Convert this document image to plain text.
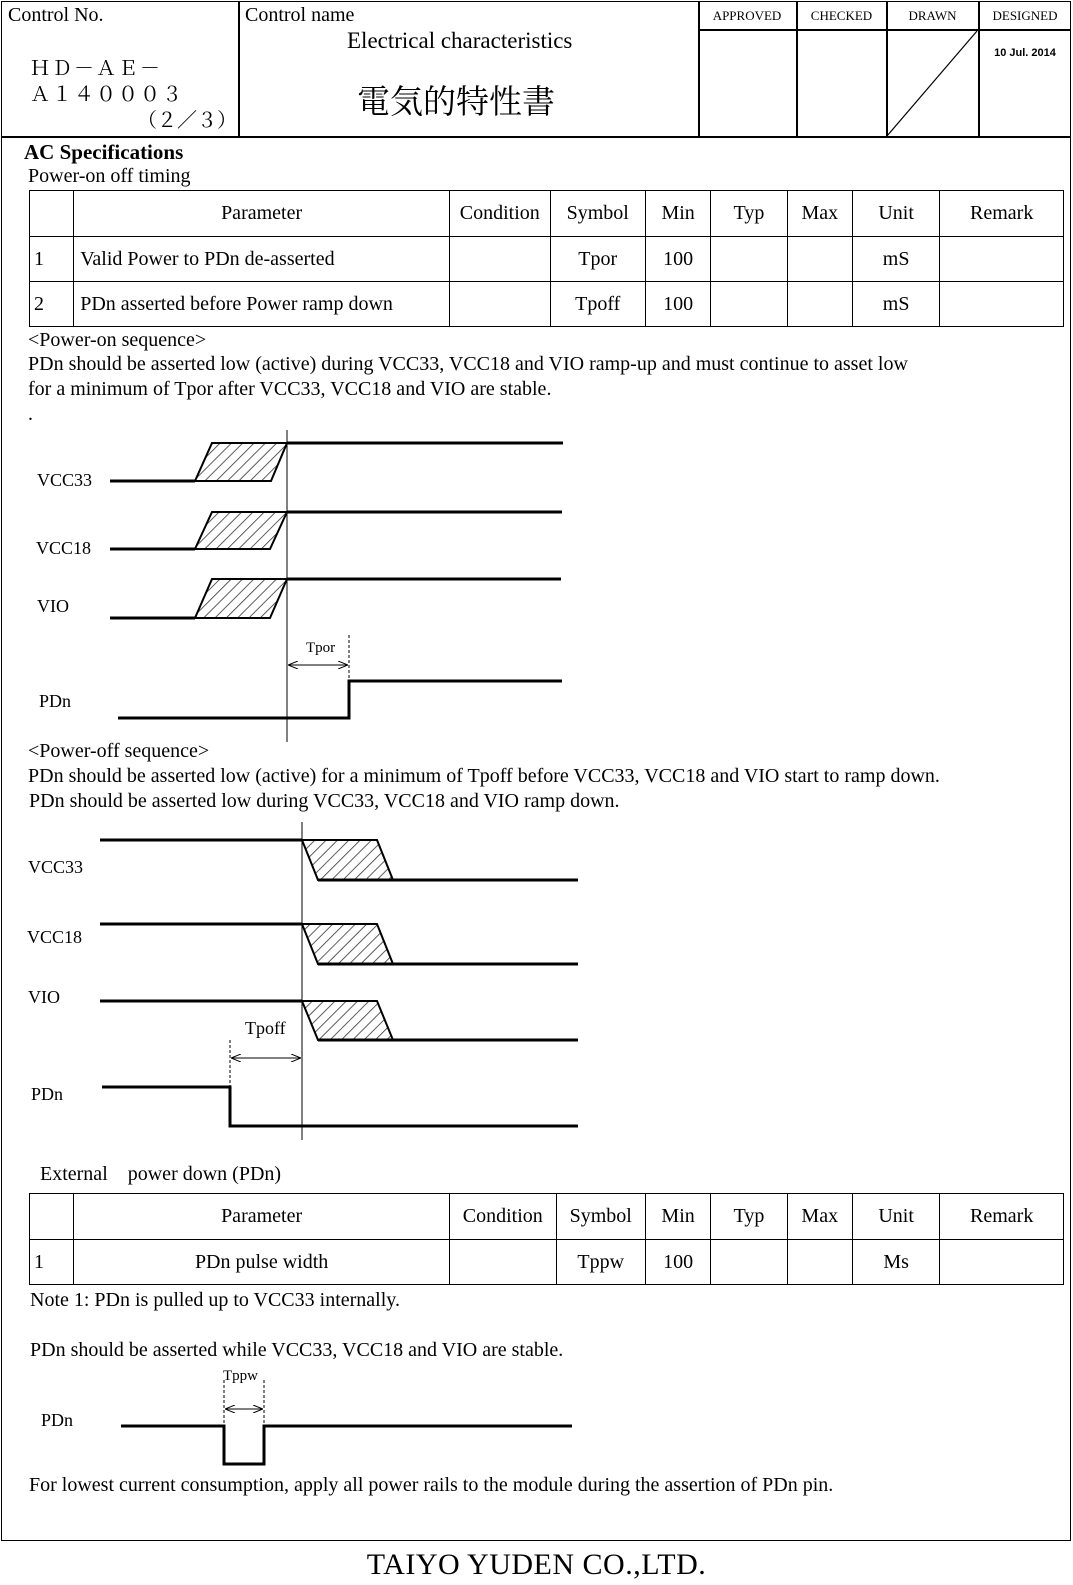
Control No.
ＨＤ－ＡＥ－
Ａ１４０００３
（２／３）
Control name
Electrical characteristics
電気的特性書
APPROVED	CHECKED	DRAWN	DESIGNED
10 Jul. 2014
AC Specifications
Power-on off timing
	Parameter	Condition	Symbol	Min	Typ	Max	Unit	Remark
1	Valid Power to PDn de-asserted		Tpor	100			mS	
2	PDn asserted before Power ramp down		Tpoff	100			mS	
<Power-on sequence>
PDn should be asserted low (active) during VCC33, VCC18 and VIO ramp-up and must continue to asset low
for a minimum of Tpor after VCC33, VCC18 and VIO are stable.
.
VCC33
VCC18
VIO
PDn
Tpor
<Power-off sequence>
PDn should be asserted low (active) for a minimum of Tpoff before VCC33, VCC18 and VIO start to ramp down.
PDn should be asserted low during VCC33, VCC18 and VIO ramp down.
VCC33
VCC18
VIO
PDn
Tpoff
External　power down (PDn)
	Parameter	Condition	Symbol	Min	Typ	Max	Unit	Remark
1	PDn pulse width		Tppw	100			Ms	
Note 1: PDn is pulled up to VCC33 internally.
PDn should be asserted while VCC33, VCC18 and VIO are stable.
PDn
Tppw
For lowest current consumption, apply all power rails to the module during the assertion of PDn pin.
TAIYO YUDEN CO.,LTD.
